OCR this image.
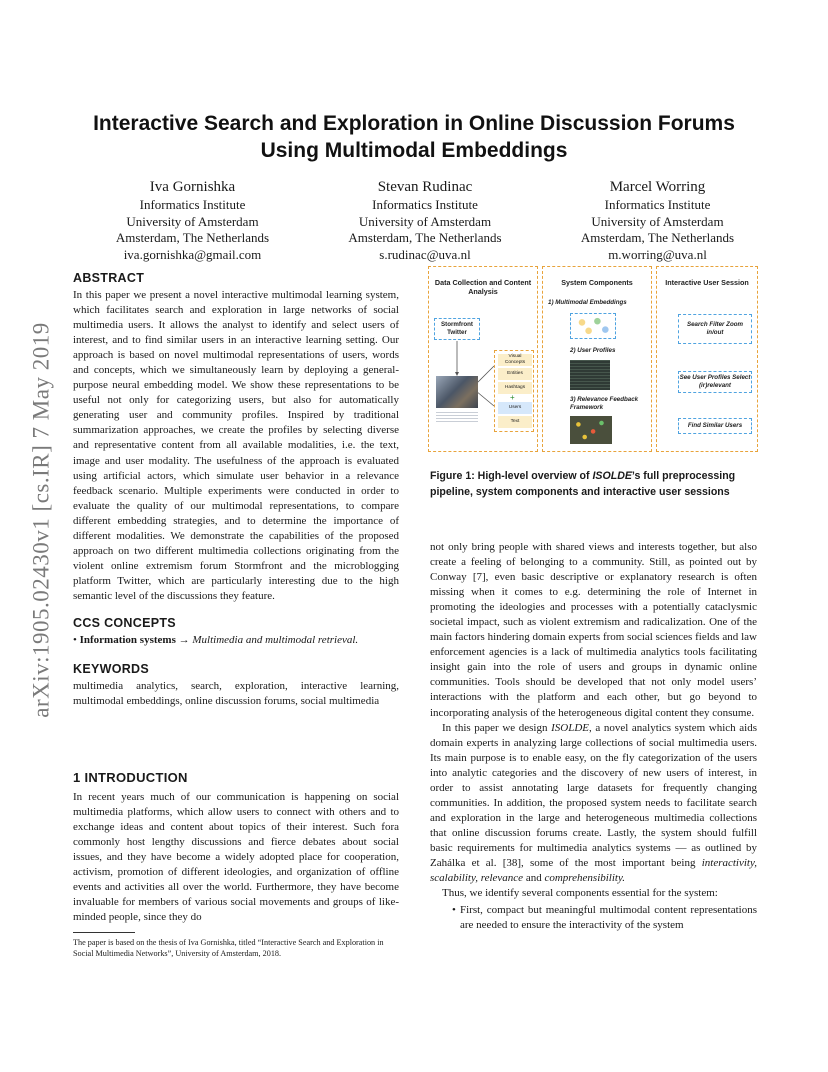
arXiv:1905.02430v1 [cs.IR] 7 May 2019
Interactive Search and Exploration in Online Discussion Forums
Using Multimodal Embeddings
Iva Gornishka
Informatics Institute
University of Amsterdam
Amsterdam, The Netherlands
iva.gornishka@gmail.com
Stevan Rudinac
Informatics Institute
University of Amsterdam
Amsterdam, The Netherlands
s.rudinac@uva.nl
Marcel Worring
Informatics Institute
University of Amsterdam
Amsterdam, The Netherlands
m.worring@uva.nl
ABSTRACT

In this paper we present a novel interactive multimodal learning system, which facilitates search and exploration in large networks of social multimedia users. It allows the analyst to identify and select users of interest, and to find similar users in an interactive learning setting. Our approach is based on novel multimodal representations of users, words and concepts, which we simultaneously learn by deploying a general-purpose neural embedding model. We show these representations to be useful not only for categorizing users, but also for automatically generating user and community profiles. Inspired by traditional summarization approaches, we create the profiles by selecting diverse and representative content from all available modalities, i.e. the text, image and user modality. The usefulness of the approach is evaluated using artificial actors, which simulate user behavior in a relevance feedback scenario. Multiple experiments were conducted in order to evaluate the quality of our multimodal representations, to compare different embedding strategies, and to determine the importance of different modalities. We demonstrate the capabilities of the proposed approach on two different multimedia collections originating from the violent online extremism forum Stormfront and the microblogging platform Twitter, which are particularly interesting due to the high semantic level of the discussions they feature.

CCS CONCEPTS

• Information systems → Multimedia and multimodal retrieval.

KEYWORDS

multimedia analytics, search, exploration, interactive learning, multimodal embeddings, online discussion forums, social multimedia

1 INTRODUCTION

In recent years much of our communication is happening on social multimedia platforms, which allow users to connect with others and to exchange ideas and content about topics of their interest. Such fora commonly host lengthy discussions and fierce debates about social issues, and they have become a widely adopted place for cooperation, activism, promotion of different ideologies, and organization of offline events and activities all over the world. Furthermore, they have become invaluable for members of various social movements and groups of like-minded people, since they do

The paper is based on the thesis of Iva Gornishka, titled “Interactive Search and Exploration in Social Multimedia Networks”, University of Amsterdam, 2018.

Data Collection and Content Analysis
Stormfront Twitter
Visual Concepts
Entities
Hashtags
+
Users
Text
System Components
1) Multimodal Embeddings
2) User Profiles
3) Relevance Feedback Framework
Interactive User Session
Search Filter Zoom in/out
See User Profiles Select (ir)relevant
Find Similar Users
Figure 1: High-level overview of ISOLDE’s full preprocessing pipeline, system components and interactive user sessions

not only bring people with shared views and interests together, but also create a feeling of belonging to a community. Still, as pointed out by Conway [7], even basic descriptive or explanatory research is often missing when it comes to e.g. determining the role of Internet in promoting the ideologies and processes with a potentially cataclysmic societal impact, such as violent extremism and radicalization. One of the main factors hindering domain experts from social sciences fields and law enforcement agencies is a lack of multimedia analytics tools facilitating insight gain into the role of users and groups in dynamic online communities. Tools should be developed that not only model users’ interactions with the platform and each other, but go beyond to incorporating analysis of the heterogeneous digital content they consume.

In this paper we design ISOLDE, a novel analytics system which aids domain experts in analyzing large collections of social multimedia users. Its main purpose is to enable easy, on the fly categorization of the users into analytic categories and the discovery of new users of interest, in order to assist annotating large datasets for frequently changing communities. In addition, the proposed system needs to facilitate search and exploration in the large and heterogeneous multimedia collections that online discussion forums create. Lastly, the system should fulfill basic requirements for multimedia analytics systems — as outlined by Zahálka et al. [38], some of the most important being interactivity, scalability, relevance and comprehensibility.

Thus, we identify several components essential for the system:

• First, compact but meaningful multimodal content representations are needed to ensure the interactivity of the system
